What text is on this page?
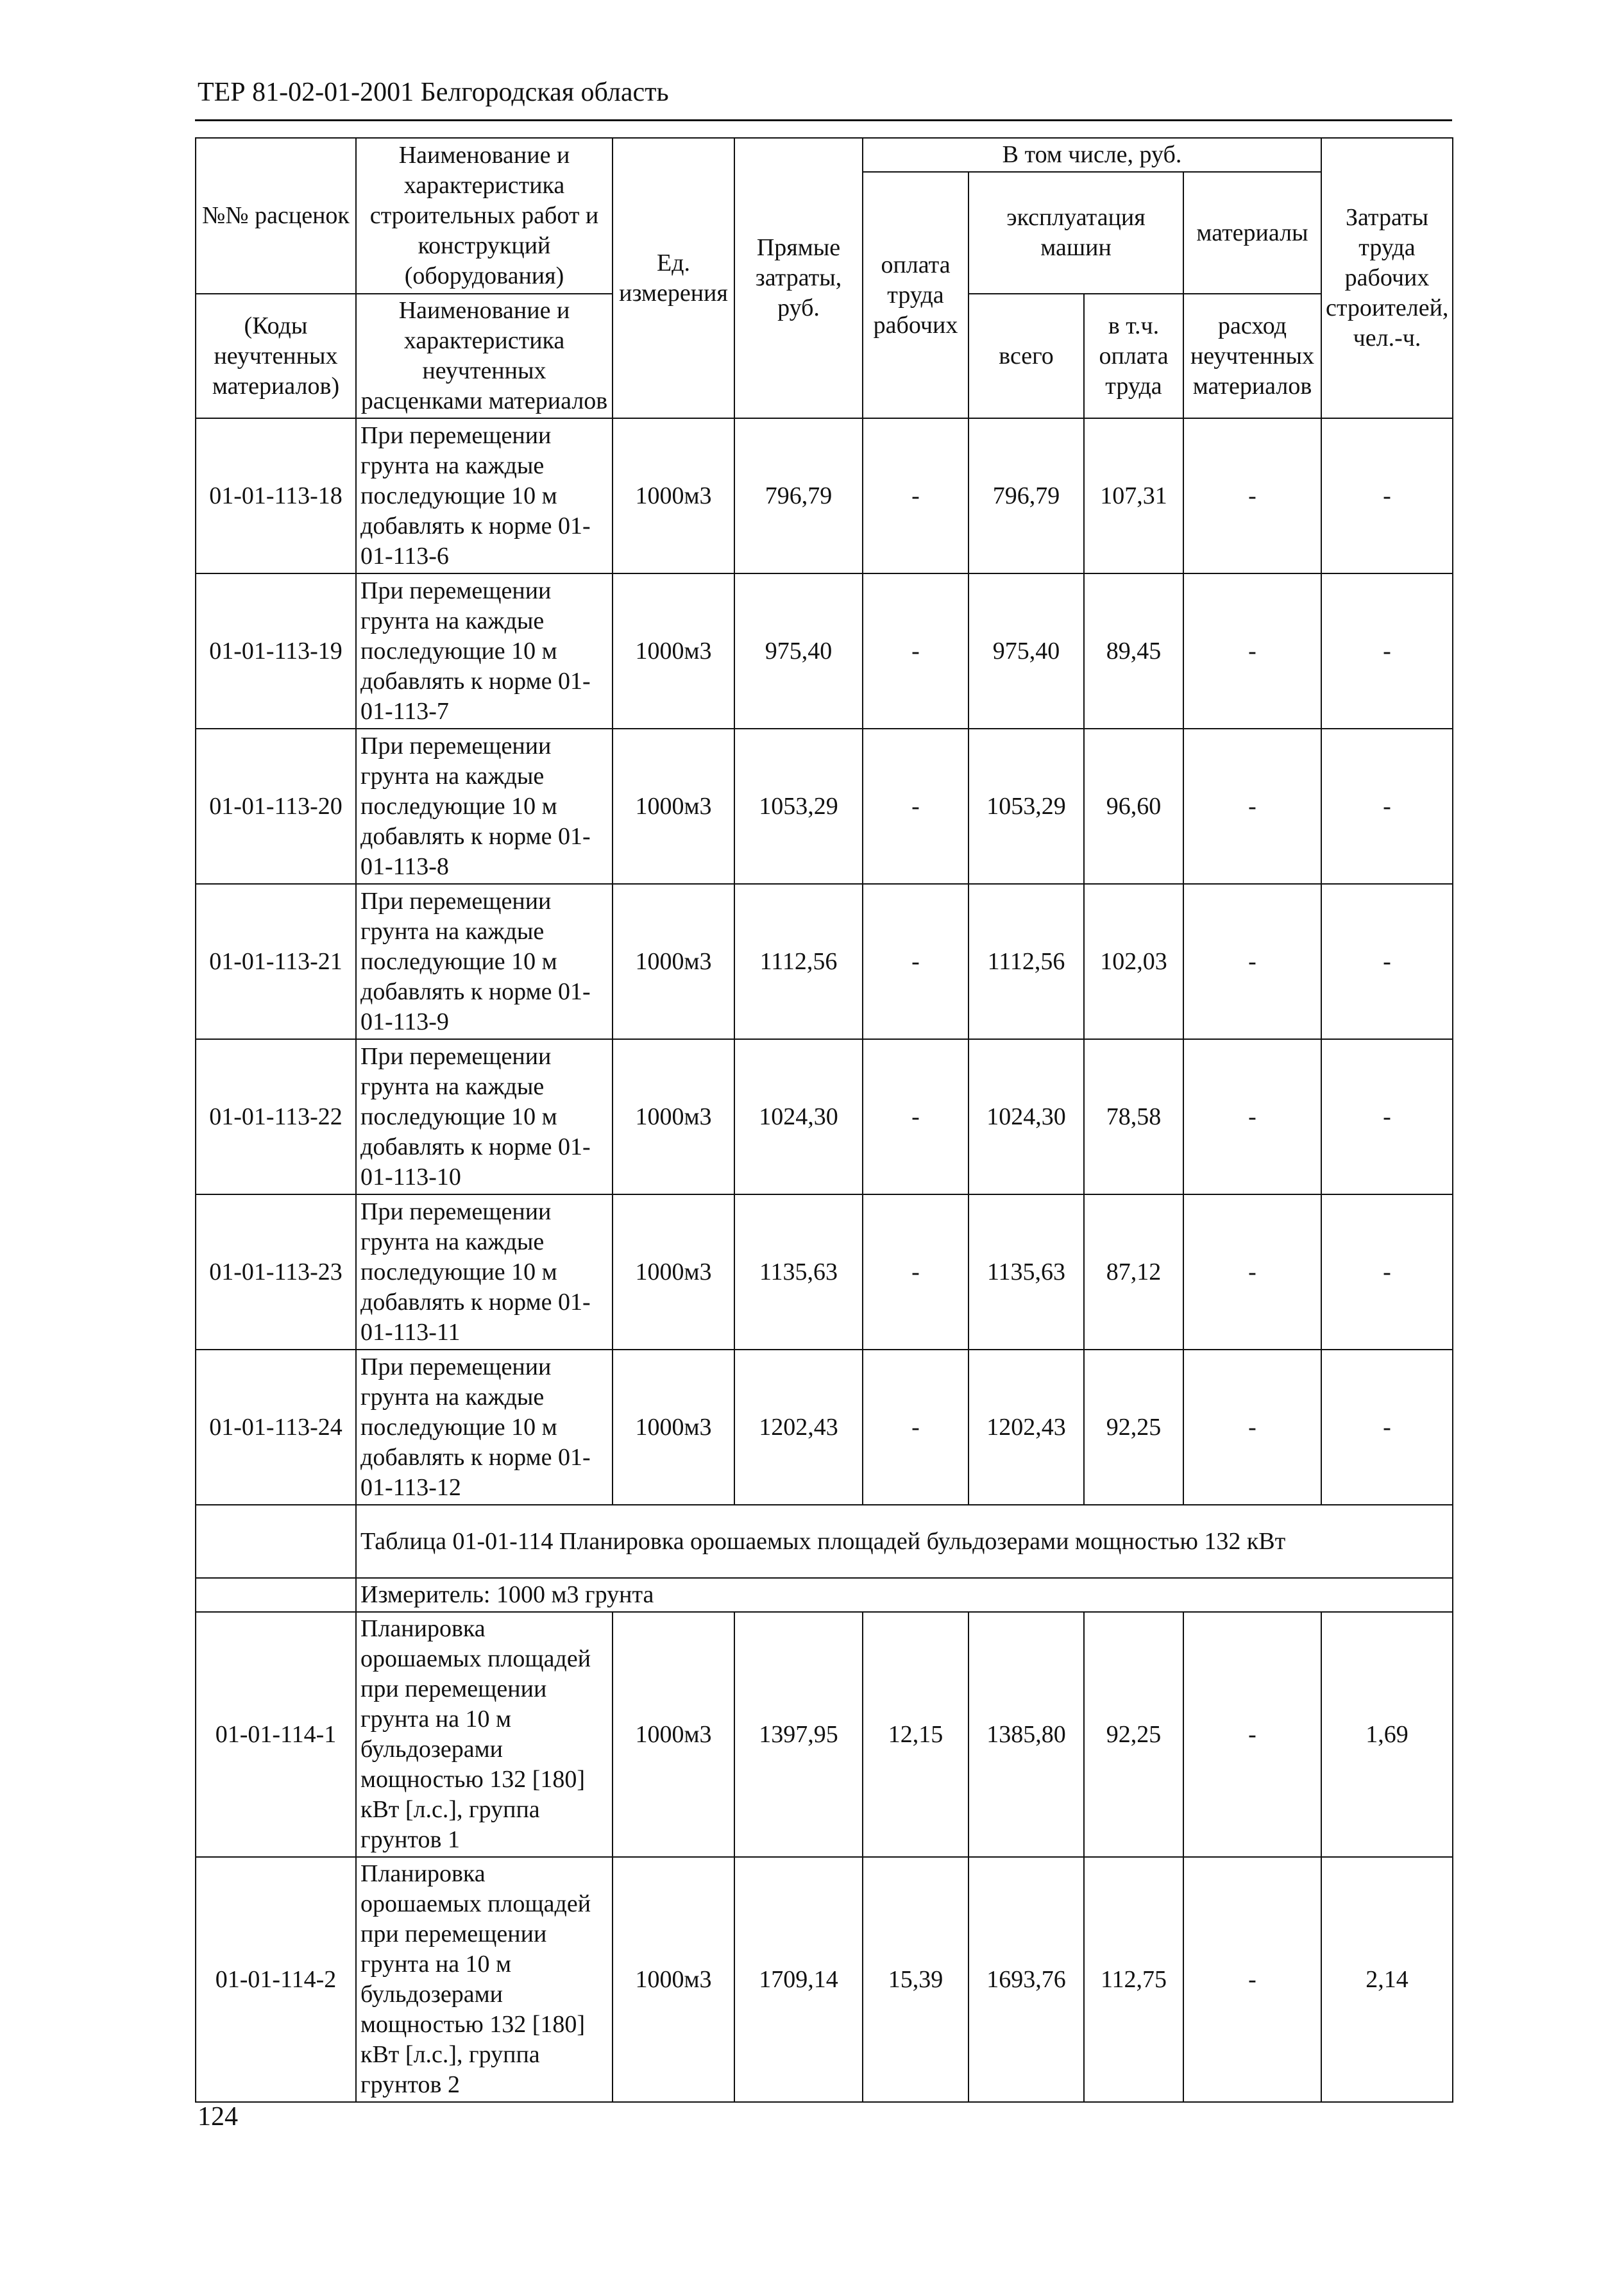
ТЕР 81-02-01-2001 Белгородская область
№№ расценок	Наименование и характеристика строительных работ и конструкций (оборудования)	Ед. измерения	Прямые затраты, руб.	В том числе, руб.				Затраты труда рабочих строителей, чел.-ч.
				оплата труда рабочих	эксплуатация машин		материалы	

(Коды неучтенных материалов)	Наименование и характеристика неучтенных расценками материалов				всего	в т.ч. оплата труда	расход неучтенных материалов	

01-01-113-18	При перемещении грунта на каждые последующие 10 м добавлять к норме 01-01-113-6	1000м3	796,79	-	796,79	107,31	-	-
01-01-113-19	При перемещении грунта на каждые последующие 10 м добавлять к норме 01-01-113-7	1000м3	975,40	-	975,40	89,45	-	-
01-01-113-20	При перемещении грунта на каждые последующие 10 м добавлять к норме 01-01-113-8	1000м3	1053,29	-	1053,29	96,60	-	-
01-01-113-21	При перемещении грунта на каждые последующие 10 м добавлять к норме 01-01-113-9	1000м3	1112,56	-	1112,56	102,03	-	-
01-01-113-22	При перемещении грунта на каждые последующие 10 м добавлять к норме 01-01-113-10	1000м3	1024,30	-	1024,30	78,58	-	-
01-01-113-23	При перемещении грунта на каждые последующие 10 м добавлять к норме 01-01-113-11	1000м3	1135,63	-	1135,63	87,12	-	-
01-01-113-24	При перемещении грунта на каждые последующие 10 м добавлять к норме 01-01-113-12	1000м3	1202,43	-	1202,43	92,25	-	-
	Таблица 01-01-114 Планировка орошаемых площадей бульдозерами мощностью 132 кВт							
	Измеритель: 1000 м3 грунта							
01-01-114-1	Планировка орошаемых площадей при перемещении грунта на 10 м бульдозерами мощностью 132 [180] кВт [л.с.], группа грунтов 1	1000м3	1397,95	12,15	1385,80	92,25	-	1,69
01-01-114-2	Планировка орошаемых площадей при перемещении грунта на 10 м бульдозерами мощностью 132 [180] кВт [л.с.], группа грунтов 2	1000м3	1709,14	15,39	1693,76	112,75	-	2,14
124
